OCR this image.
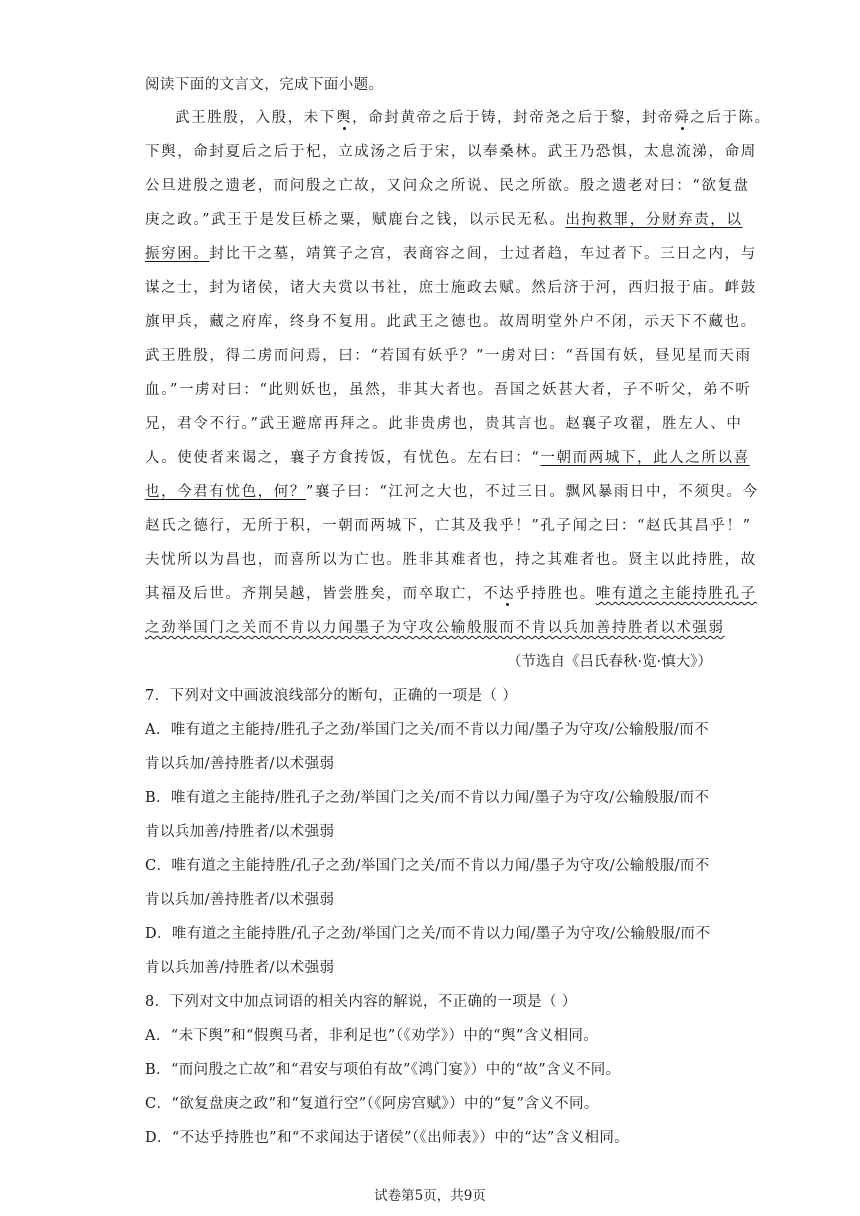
阅读下面的文言文，完成下面小题。
武王胜殷，入殷，未下舆，命封黄帝之后于铸，封帝尧之后于黎，封帝舜之后于陈。
下舆，命封夏后之后于杞，立成汤之后于宋，以奉桑林。武王乃恐惧，太息流涕，命周
公旦进殷之遗老，而问殷之亡故，又问众之所说、民之所欲。殷之遗老对曰：“欲复盘
庚之政。”武王于是发巨桥之粟，赋鹿台之钱，以示民无私。出拘救罪，分财弃责，以
振穷困。封比干之墓，靖箕子之宫，表商容之闾，士过者趋，车过者下。三日之内，与
谋之士，封为诸侯，诸大夫赏以书社，庶士施政去赋。然后济于河，西归报于庙。衅鼓
旗甲兵，藏之府库，终身不复用。此武王之德也。故周明堂外户不闭，示天下不藏也。
武王胜殷，得二虏而问焉，曰：“若国有妖乎？”一虏对曰：“吾国有妖，昼见星而天雨
血。”一虏对曰：“此则妖也，虽然，非其大者也。吾国之妖甚大者，子不听父，弟不听
兄，君令不行。”武王避席再拜之。此非贵虏也，贵其言也。赵襄子攻翟，胜左人、中
人。使使者来谒之，襄子方食抟饭，有忧色。左右曰：“一朝而两城下，此人之所以喜
也，今君有忧色，何？”襄子曰：“江河之大也，不过三日。飘风暴雨日中，不须臾。今
赵氏之德行，无所于积，一朝而两城下，亡其及我乎！”孔子闻之曰：“赵氏其昌乎！”
夫忧所以为昌也，而喜所以为亡也。胜非其难者也，持之其难者也。贤主以此持胜，故
其福及后世。齐荆吴越，皆尝胜矣，而卒取亡，不达乎持胜也。唯有道之主能持胜孔子
之劲举国门之关而不肯以力闻墨子为守攻公输般服而不肯以兵加善持胜者以术强弱
（节选自《吕氏春秋·览·慎大》）
7．下列对文中画波浪线部分的断句，正确的一项是（ ）
A．唯有道之主能持/胜孔子之劲/举国门之关/而不肯以力闻/墨子为守攻/公输般服/而不
肯以兵加/善持胜者/以术强弱
B．唯有道之主能持/胜孔子之劲/举国门之关/而不肯以力闻/墨子为守攻/公输般服/而不
肯以兵加善/持胜者/以术强弱
C．唯有道之主能持胜/孔子之劲/举国门之关/而不肯以力闻/墨子为守攻/公输般服/而不
肯以兵加/善持胜者/以术强弱
D．唯有道之主能持胜/孔子之劲/举国门之关/而不肯以力闻/墨子为守攻/公输般服/而不
肯以兵加善/持胜者/以术强弱
8．下列对文中加点词语的相关内容的解说，不正确的一项是（ ）
A．“未下舆”和“假舆马者，非利足也”（《劝学》）中的“舆”含义相同。
B．“而问殷之亡故”和“君安与项伯有故”《鸿门宴》）中的“故”含义不同。
C．“欲复盘庚之政”和“复道行空”（《阿房宫赋》）中的“复”含义不同。
D．“不达乎持胜也”和“不求闻达于诸侯”（《出师表》）中的“达”含义相同。
试卷第5页，共9页
